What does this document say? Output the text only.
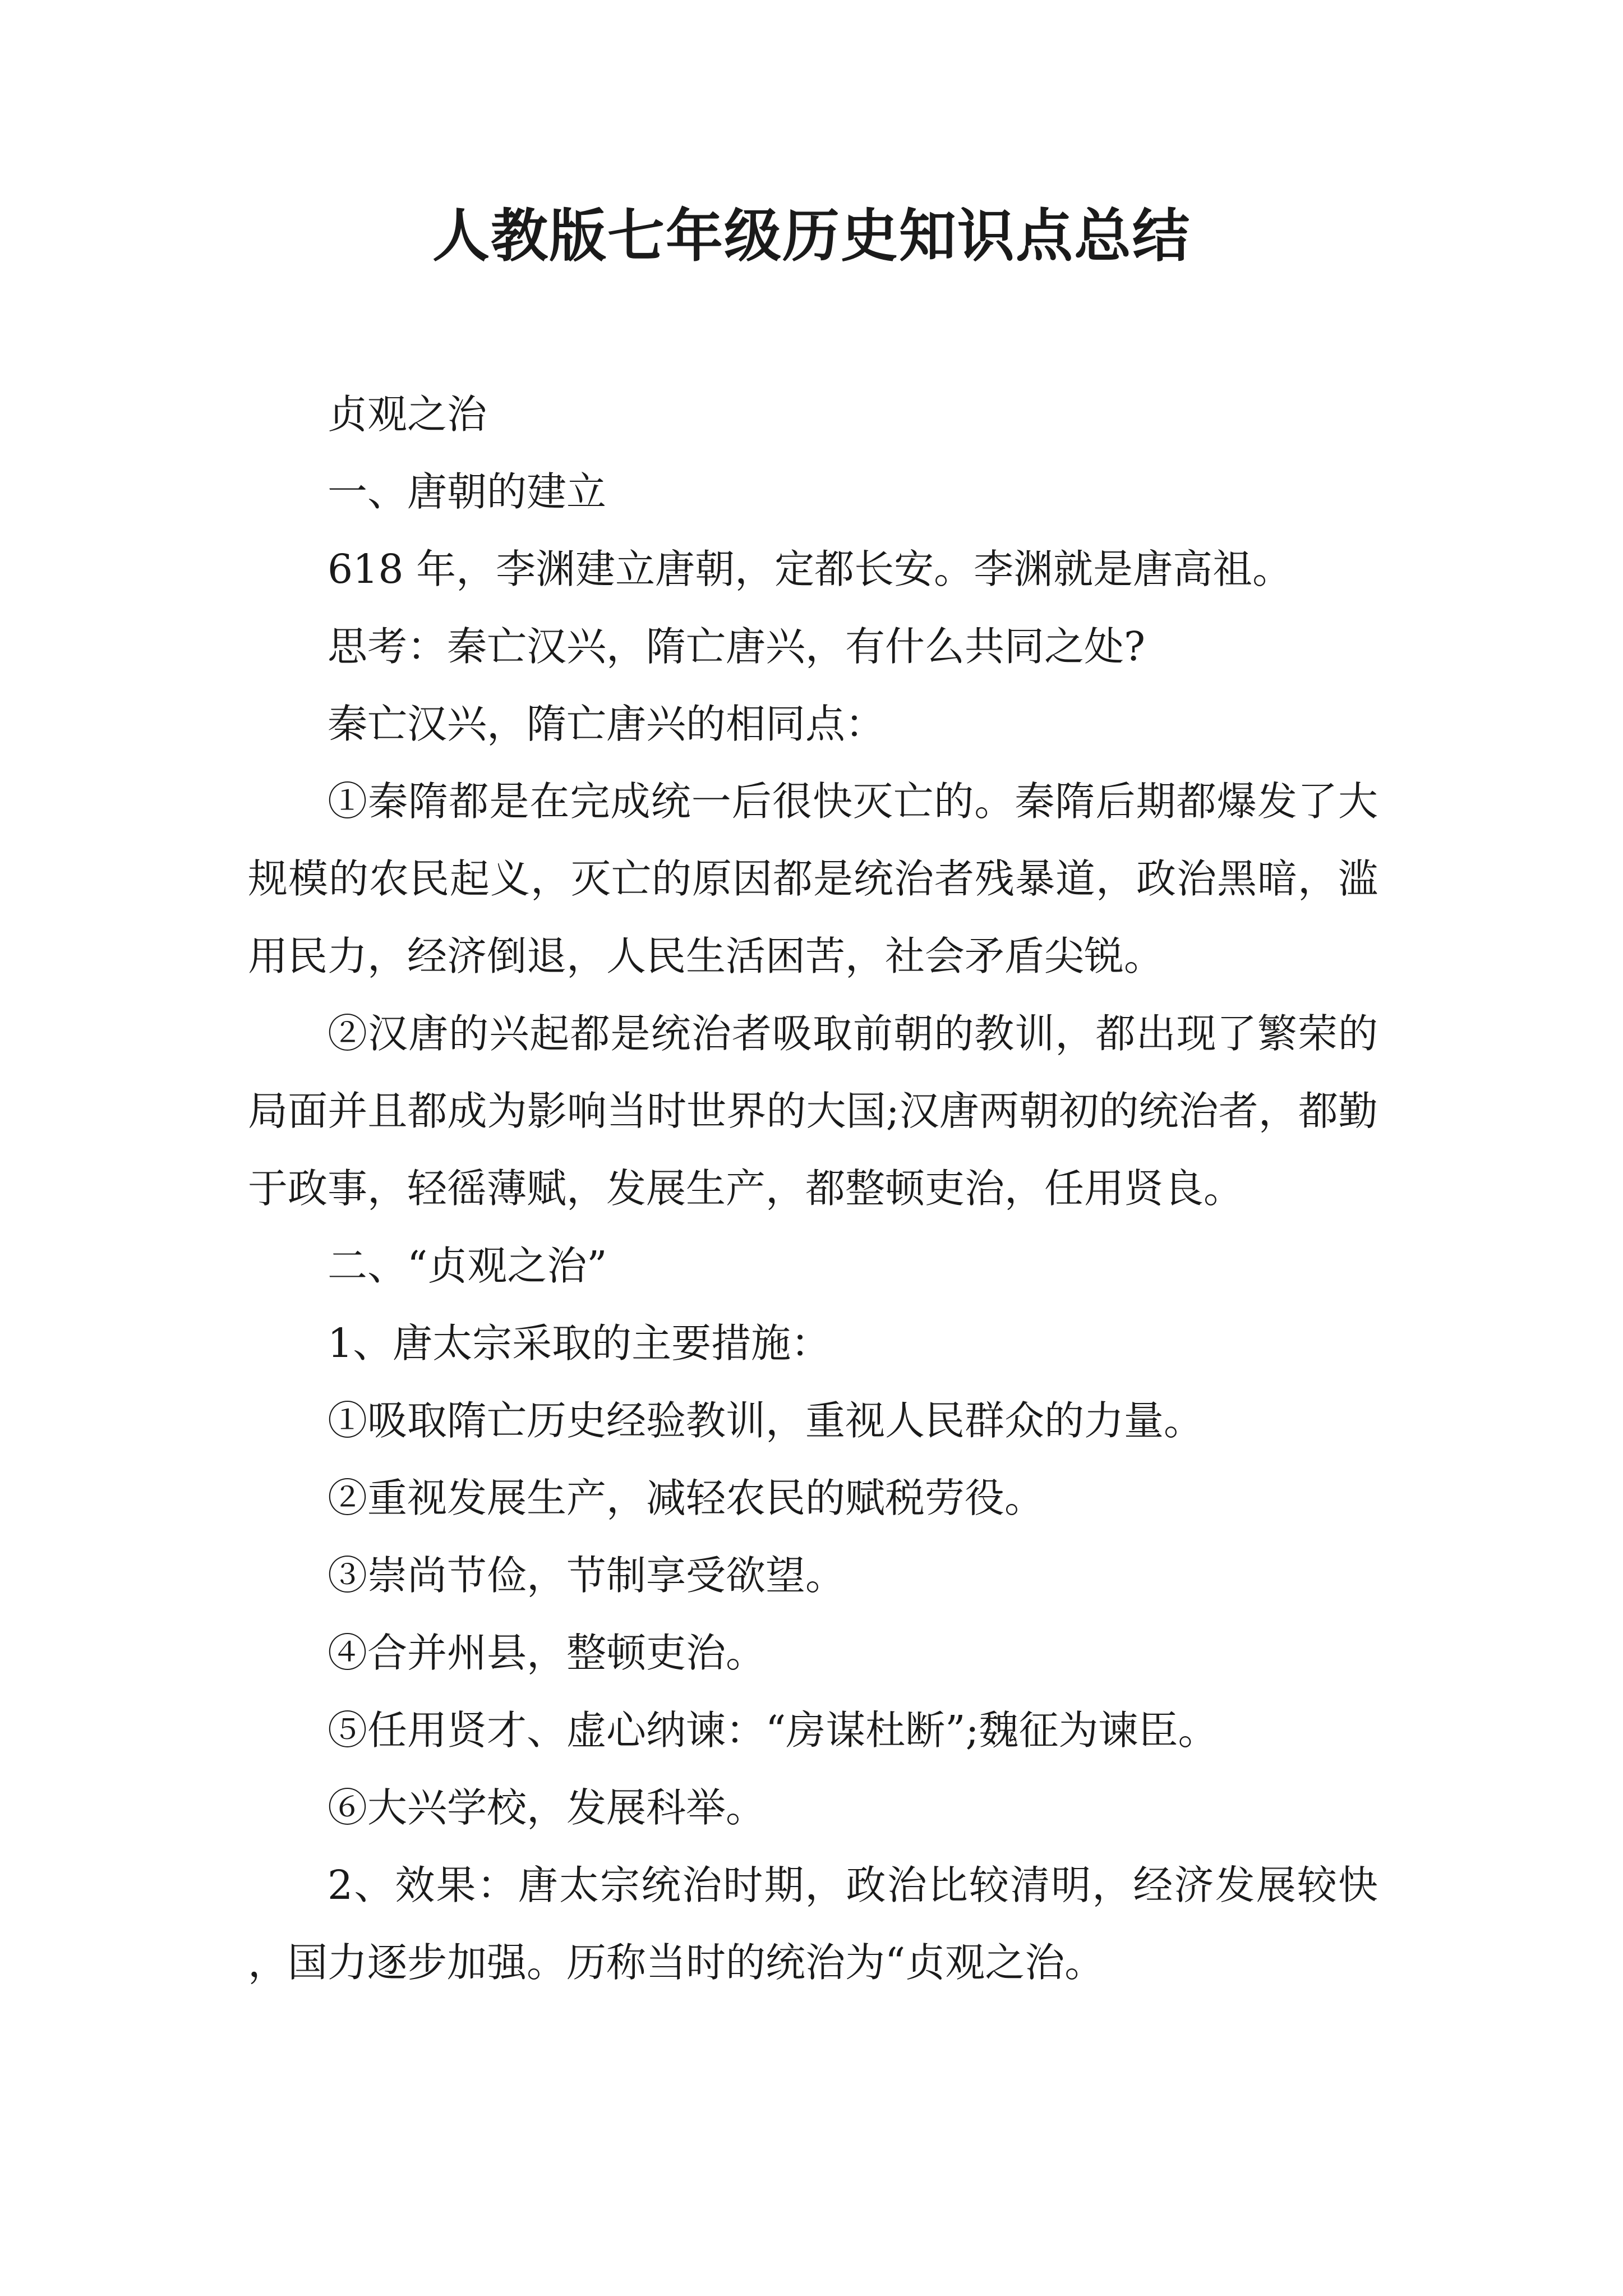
人教版七年级历史知识点总结

贞观之治

一、唐朝的建立

618 年，李渊建立唐朝，定都长安。李渊就是唐高祖。

思考：秦亡汉兴，隋亡唐兴，有什么共同之处?

秦亡汉兴，隋亡唐兴的相同点：

①秦隋都是在完成统一后很快灭亡的。秦隋后期都爆发了大规模的农民起义，灭亡的原因都是统治者残暴道，政治黑暗，滥用民力，经济倒退，人民生活困苦，社会矛盾尖锐。

②汉唐的兴起都是统治者吸取前朝的教训，都出现了繁荣的局面并且都成为影响当时世界的大国;汉唐两朝初的统治者，都勤于政事，轻徭薄赋，发展生产，都整顿吏治，任用贤良。

二、“贞观之治”

1、唐太宗采取的主要措施：

①吸取隋亡历史经验教训，重视人民群众的力量。

②重视发展生产，减轻农民的赋税劳役。

③崇尚节俭，节制享受欲望。

④合并州县，整顿吏治。

⑤任用贤才、虚心纳谏：“房谋杜断”;魏征为谏臣。

⑥大兴学校，发展科举。

2、效果：唐太宗统治时期，政治比较清明，经济发展较快，国力逐步加强。历称当时的统治为“贞观之治。
